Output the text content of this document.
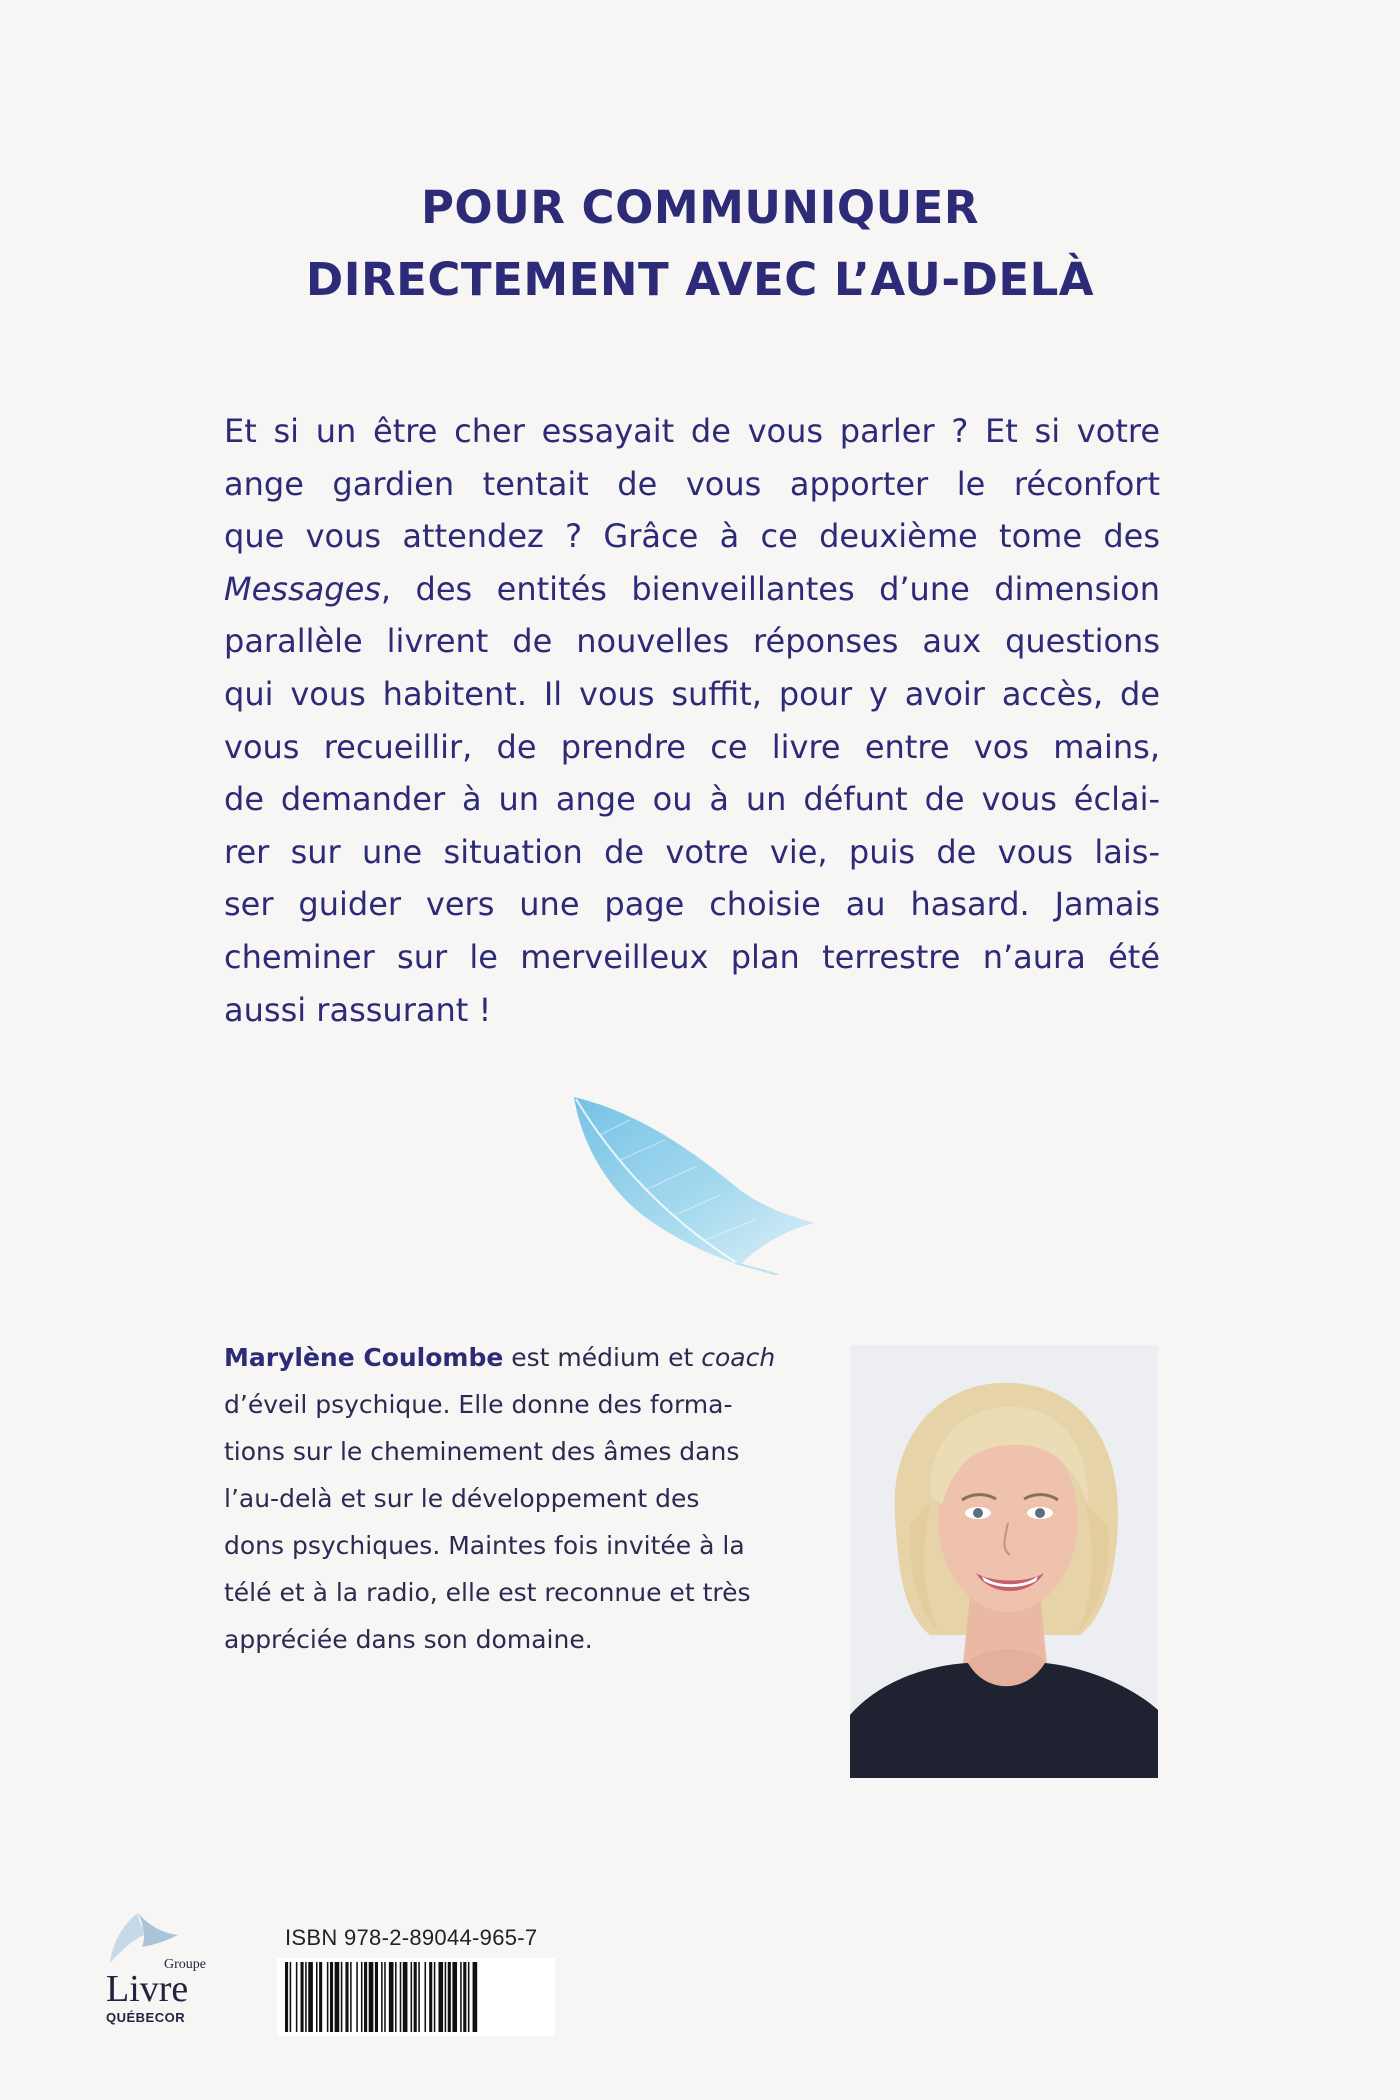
POUR COMMUNIQUER
DIRECTEMENT AVEC L’AU-DELÀ
Et si un être cher essayait de vous parler ? Et si votre
ange gardien tentait de vous apporter le réconfort
que vous attendez ? Grâce à ce deuxième tome des
Messages, des entités bienveillantes d’une dimension
parallèle livrent de nouvelles réponses aux questions
qui vous habitent. Il vous suffit, pour y avoir accès, de
vous recueillir, de prendre ce livre entre vos mains,
de demander à un ange ou à un défunt de vous éclai-
rer sur une situation de votre vie, puis de vous lais-
ser guider vers une page choisie au hasard. Jamais
cheminer sur le merveilleux plan terrestre n’aura été
aussi rassurant !
Marylène Coulombe est médium et coach
d’éveil psychique. Elle donne des forma-
tions sur le cheminement des âmes dans
l’au-delà et sur le développement des
dons psychiques. Maintes fois invitée à la
télé et à la radio, elle est reconnue et très
appréciée dans son domaine.
Groupe
Livre
QUÉBECOR
ISBN 978-2-89044-965-7
